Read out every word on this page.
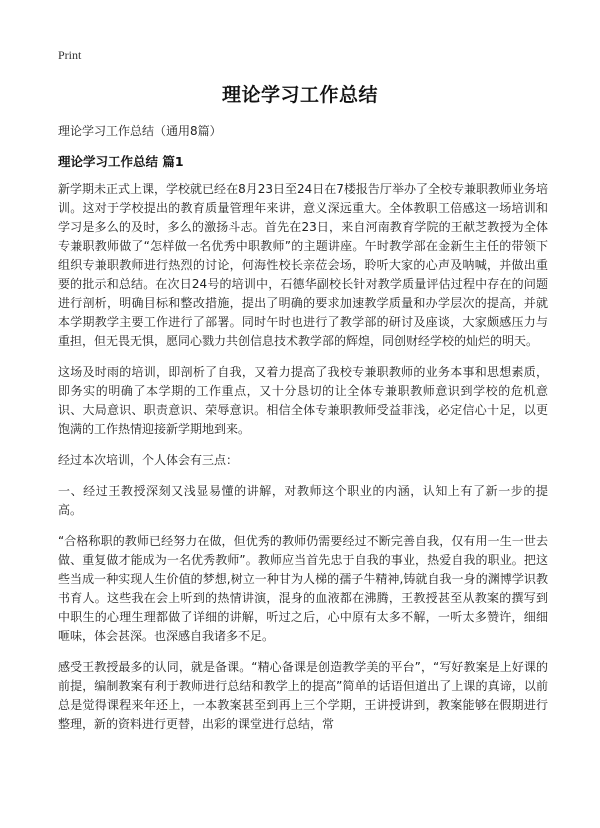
Print
理论学习工作总结
理论学习工作总结（通用8篇）
理论学习工作总结 篇1

新学期未正式上课，学校就已经在8月23日至24日在7楼报告厅举办了全校专兼职教师业务培训。这对于学校提出的教育质量管理年来讲，意义深远重大。全体教职工倍感这一场培训和学习是多么的及时，多么的激扬斗志。首先在23日，来自河南教育学院的王献芝教授为全体专兼职教师做了“怎样做一名优秀中职教师”的主题讲座。午时教学部在金新生主任的带领下组织专兼职教师进行热烈的讨论，何海性校长亲莅会场，聆听大家的心声及呐喊，并做出重要的批示和总结。在次日24号的培训中，石德华副校长针对教学质量评估过程中存在的问题进行剖析，明确目标和整改措施，提出了明确的要求加速教学质量和办学层次的提高，并就本学期教学主要工作进行了部署。同时午时也进行了教学部的研讨及座谈，大家颇感压力与重担，但无畏无惧，愿同心戮力共创信息技术教学部的辉煌，同创财经学校的灿烂的明天。

这场及时雨的培训，即剖析了自我，又着力提高了我校专兼职教师的业务本事和思想素质，即务实的明确了本学期的工作重点，又十分恳切的让全体专兼职教师意识到学校的危机意识、大局意识、职责意识、荣辱意识。相信全体专兼职教师受益菲浅，必定信心十足，以更饱满的工作热情迎接新学期地到来。

经过本次培训，个人体会有三点：

一、经过王教授深刻又浅显易懂的讲解，对教师这个职业的内涵，认知上有了新一步的提高。

“合格称职的教师已经努力在做，但优秀的教师仍需要经过不断完善自我，仅有用一生一世去做、重复做才能成为一名优秀教师”。教师应当首先忠于自我的事业，热爱自我的职业。把这些当成一种实现人生价值的梦想,树立一种甘为人梯的孺子牛精神,铸就自我一身的渊博学识教书育人。这些我在会上听到的热情讲演，混身的血液都在沸腾，王教授甚至从教案的撰写到中职生的心理生理都做了详细的讲解，听过之后，心中原有太多不解，一听太多赞许，细细咂味，体会甚深。也深感自我诸多不足。

感受王教授最多的认同，就是备课。“精心备课是创造教学美的平台”，“写好教案是上好课的前提，编制教案有利于教师进行总结和教学上的提高”简单的话语但道出了上课的真谛，以前总是觉得课程来年还上，一本教案甚至到再上三个学期，王讲授讲到，教案能够在假期进行整理，新的资料进行更替，出彩的课堂进行总结，常
